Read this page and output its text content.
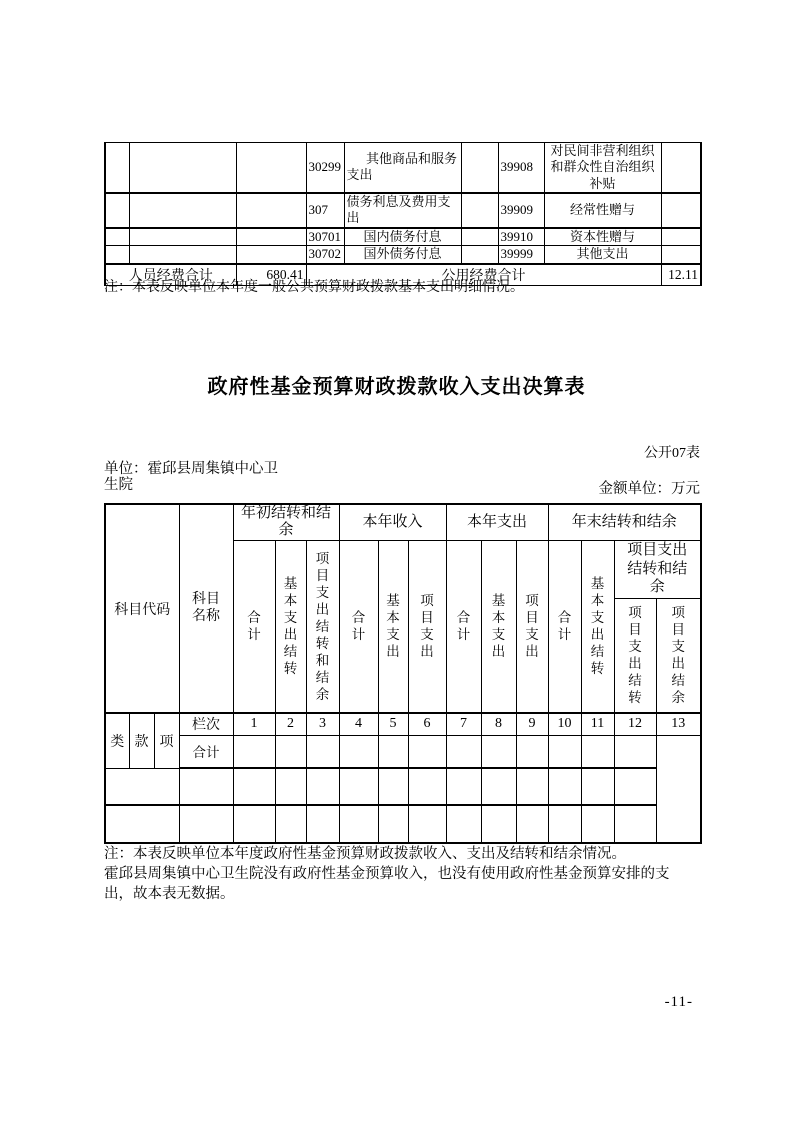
			30299	其他商品和服务支出		39908	对民间非营利组织和群众性自治组织补贴	
			307	债务利息及费用支出		39909	经常性赠与	
			30701	国内债务付息		39910	资本性赠与	
			30702	国外债务付息		39999	其他支出	
人员经费合计		680.41	公用经费合计					12.11
注：本表反映单位本年度一般公共预算财政拨款基本支出明细情况。
政府性基金预算财政拨款收入支出决算表
公开07表
单位：霍邱县周集镇中心卫生院	金额单位：万元
科目代码			科目名称	年初结转和结余			本年收入			本年支出			年末结转和结余			
				合计	基本支出结转	项目支出结转和结余	合计	基本支出	项目支出	合计	基本支出	项目支出	合计	基本支出结转	项目支出结转和结余	
															项目支出结转	项目支出结余
类	款	项	栏次	1	2	3	4	5	6	7	8	9	10	11	12	13
			合计													

注：本表反映单位本年度政府性基金预算财政拨款收入、支出及结转和结余情况。
霍邱县周集镇中心卫生院没有政府性基金预算收入，也没有使用政府性基金预算安排的支出，故本表无数据。
-11-
